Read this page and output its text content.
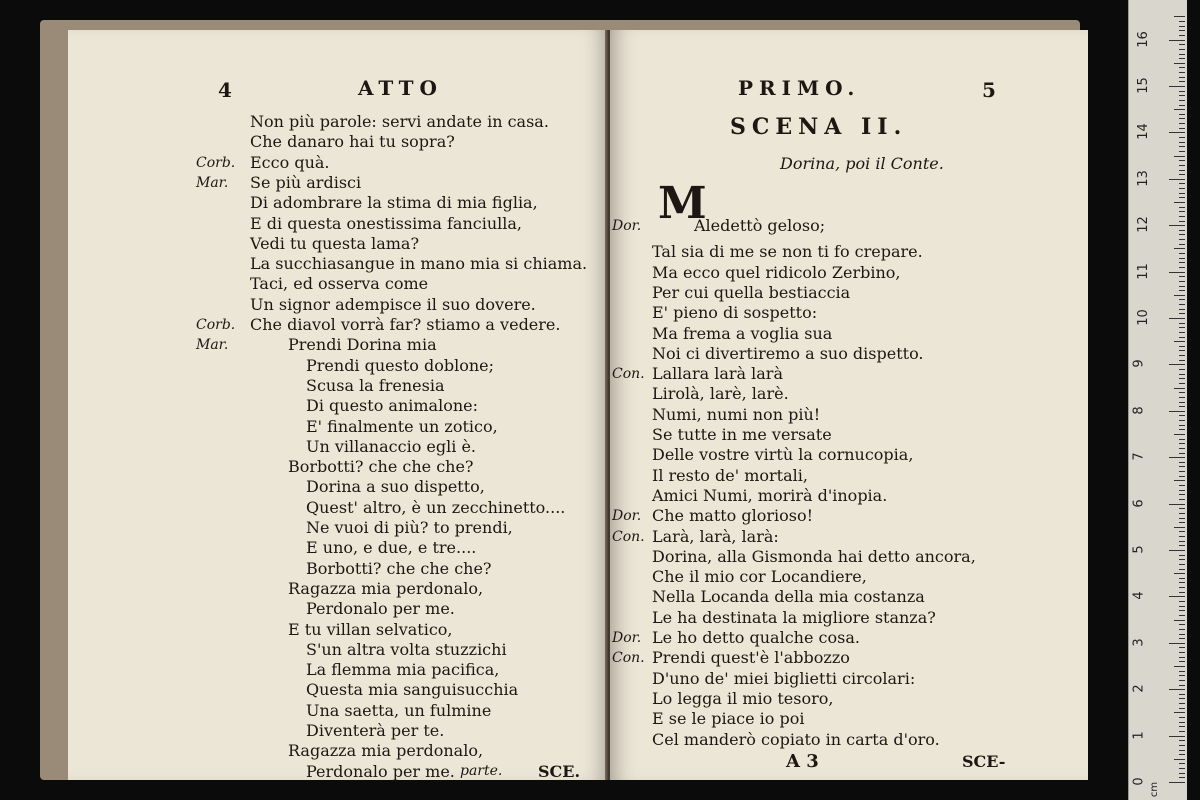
4	ATTO
Non più parole: servi andate in casa.
Che danaro hai tu sopra?
Corb. Ecco quà.
Mar. Se più ardisci
Di adombrare la stima di mia figlia,
E di questa onestissima fanciulla,
Vedi tu questa lama?
La succhiasangue in mano mia si chiama.
Taci, ed osserva come
Un signor adempisce il suo dovere.
Corb. Che diavol vorrà far? stiamo a vedere.
Mar.	Prendi Dorina mia
Prendi questo doblone;
Scusa la frenesia
Di questo animalone:
E' finalmente un zotico,
Un villanaccio egli è.
Borbotti? che che che?
Dorina a suo dispetto,
Quest' altro, è un zecchinetto....
Ne vuoi di più? to prendi,
E uno, e due, e tre....
Borbotti? che che che?
Ragazza mia perdonalo,
Perdonalo per me.
E tu villan selvatico,
S'un altra volta stuzzichi
La flemma mia pacifica,
Questa mia sanguisucchia
Una saetta, un fulmine
Diventerà per te.
Ragazza mia perdonalo,
Perdonalo per me. parte. SCE.
PRIMO.	5
SCENA II.
Dorina, poi il Conte.
M
Dor.	Aledettò geloso;
Tal sia di me se non ti fo crepare.
Ma ecco quel ridicolo Zerbino,
Per cui quella bestiaccia
E' pieno di sospetto:
Ma frema a voglia sua
Noi ci divertiremo a suo dispetto.
Con. Lallara larà larà
Lirolà, larè, larè.
Numi, numi non più!
Se tutte in me versate
Delle vostre virtù la cornucopia,
Il resto de' mortali,
Amici Numi, morirà d'inopia.
Dor. Che matto glorioso!
Con. Larà, larà, larà:
Dorina, alla Gismonda hai detto ancora,
Che il mio cor Locandiere,
Nella Locanda della mia costanza
Le ha destinata la migliore stanza?
Dor. Le ho detto qualche cosa.
Con. Prendi quest'è l'abbozzo
D'uno de' miei biglietti circolari:
Lo legga il mio tesoro,
E se le piace io poi
Cel manderò copiato in carta d'oro.
A 3	SCE-
0
1
2
3
4
5
6
7
8
9
10
11
12
13
14
15
16
cm
